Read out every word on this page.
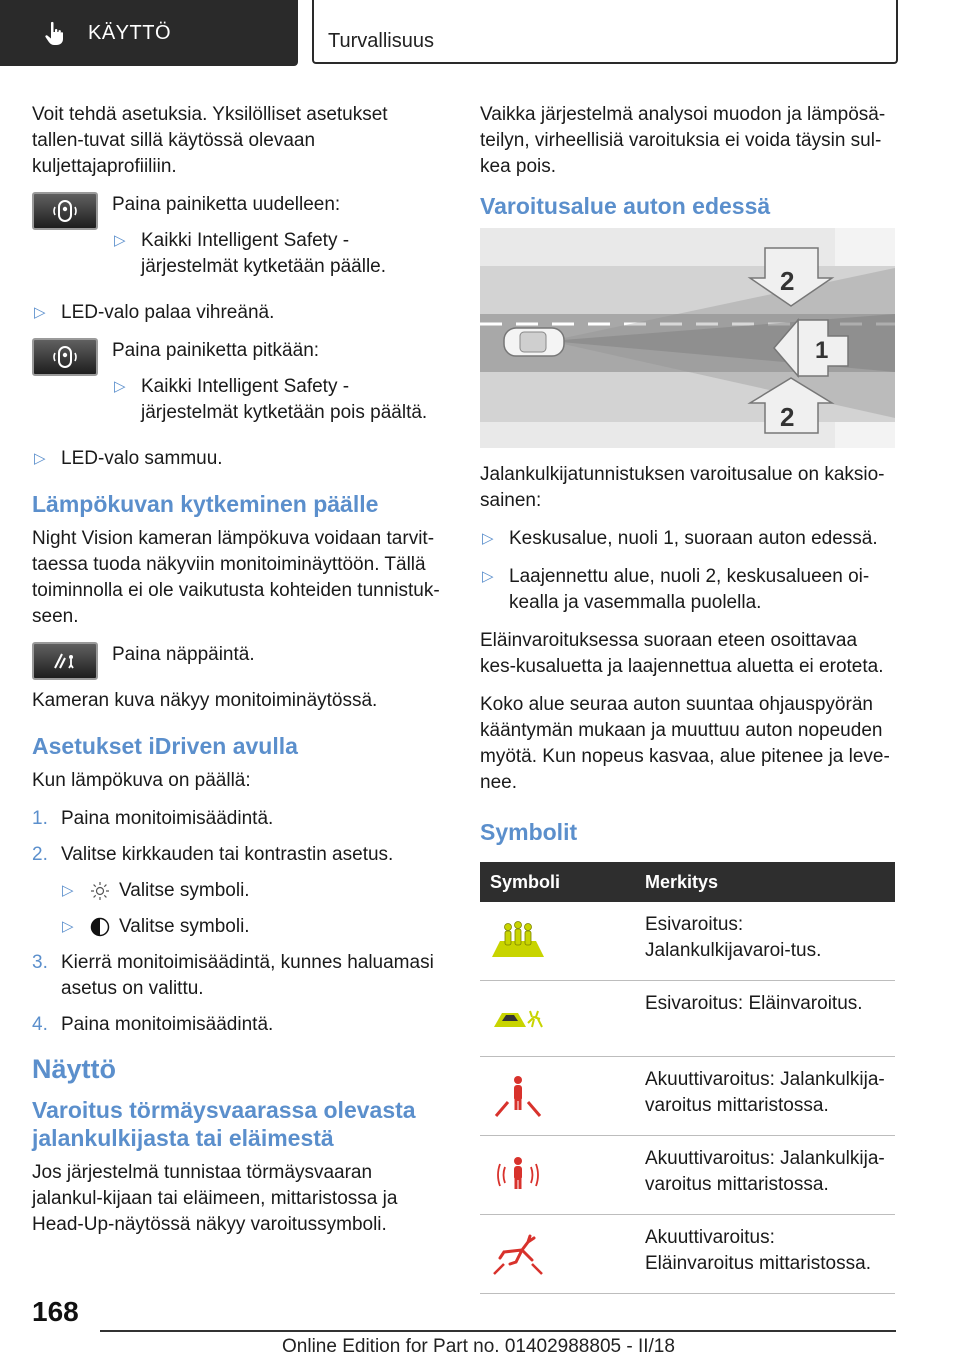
KÄYTTÖ	Turvallisuus

Voit tehdä asetuksia. Yksilölliset asetukset tallen-tuvat sillä käytössä olevaan kuljettajaprofiiliin.

Paina painiketta uudelleen:

▷ Kaikki Intelligent Safety -järjestelmät kytketään päälle.
▷ LED-valo palaa vihreänä.

Paina painiketta pitkään:

▷ Kaikki Intelligent Safety -järjestelmät kytketään pois päältä.
▷ LED-valo sammuu.
Lämpökuvan kytkeminen päälle

Night Vision kameran lämpökuva voidaan tarvit-taessa tuoda näkyviin monitoiminäyttöön. Tällä toiminnolla ei ole vaikutusta kohteiden tunnistuk-seen.

Paina näppäintä.

Kameran kuva näkyy monitoiminäytössä.

Asetukset iDriven avulla

Kun lämpökuva on päällä:

1. Paina monitoimisäädintä.
2. Valitse kirkkauden tai kontrastin asetus.
▷ Valitse symboli.
▷ Valitse symboli.
3. Kierrä monitoimisäädintä, kunnes haluamasi asetus on valittu.
4. Paina monitoimisäädintä.
Näyttö
Varoitus törmäysvaarassa olevasta jalankulkijasta tai eläimestä

Jos järjestelmä tunnistaa törmäysvaaran jalankul-kijaan tai eläimeen, mittaristossa ja Head-Up-näytössä näkyy varoitussymboli.

Vaikka järjestelmä analysoi muodon ja lämpösä-teilyn, virheellisiä varoituksia ei voida täysin sul-kea pois.

Varoitusalue auton edessä
2
1
2

Jalankulkijatunnistuksen varoitusalue on kaksio-sainen:

▷ Keskusalue, nuoli 1, suoraan auton edessä.
▷ Laajennettu alue, nuoli 2, keskusalueen oi-kealla ja vasemmalla puolella.

Eläinvaroituksessa suoraan eteen osoittavaa kes-kusaluetta ja laajennettua aluetta ei eroteta.

Koko alue seuraa auton suuntaa ohjauspyörän kääntymän mukaan ja muuttuu auton nopeuden myötä. Kun nopeus kasvaa, alue pitenee ja leve-nee.

Symbolit
Symboli	Merkitys

	Esivaroitus: Jalankulkijavaroi-tus.

	Esivaroitus: Eläinvaroitus.

	Akuuttivaroitus: Jalankulkija-varoitus mittaristossa.

	Akuuttivaroitus: Jalankulkija-varoitus mittaristossa.

	Akuuttivaroitus: Eläinvaroitus mittaristossa.
168
Online Edition for Part no. 01402988805 - II/18
